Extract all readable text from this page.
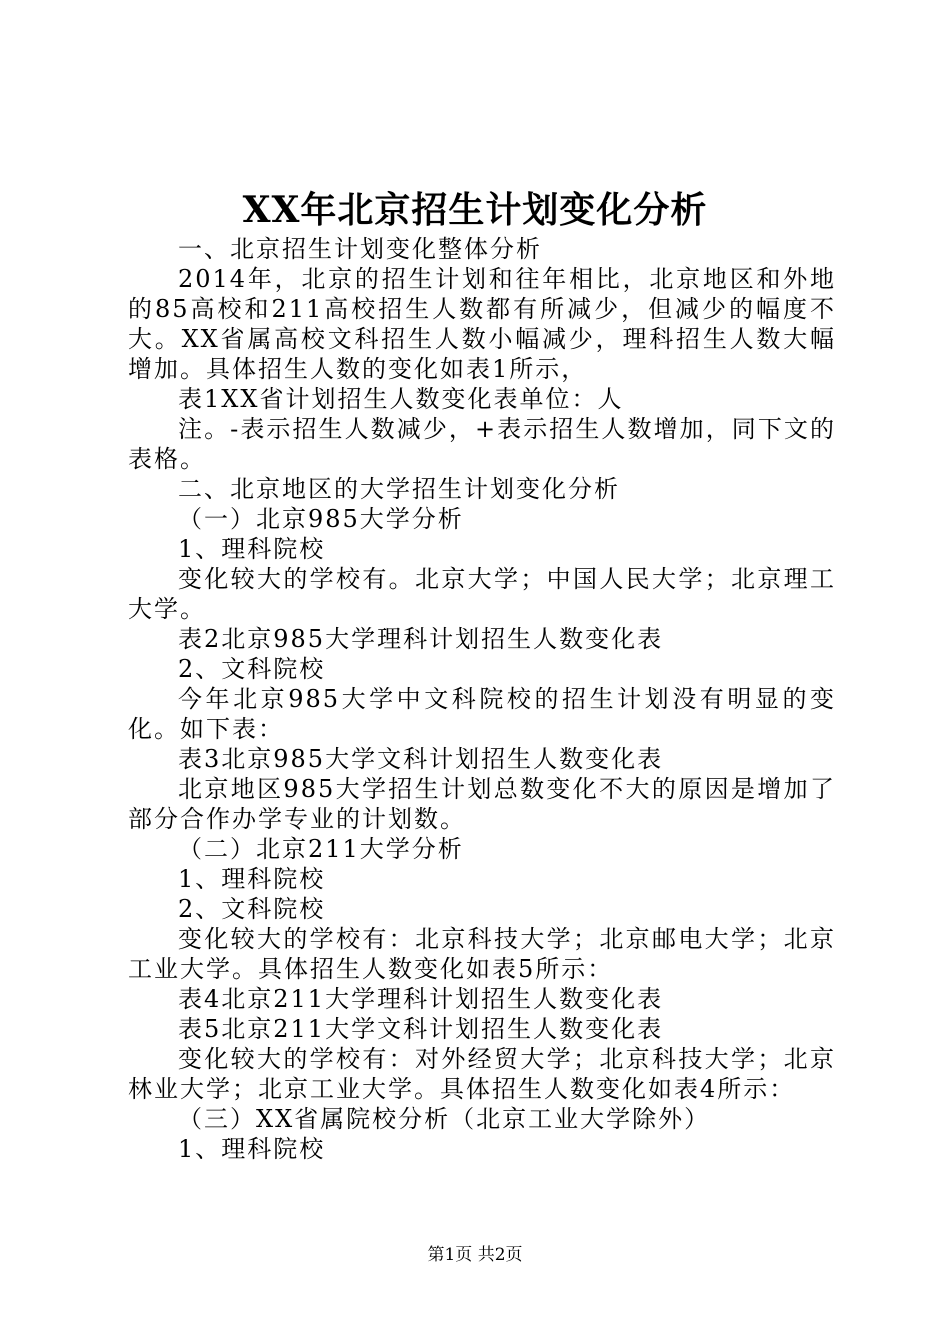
XX年北京招生计划变化分析

一、北京招生计划变化整体分析

2014年，北京的招生计划和往年相比，北京地区和外地的85高校和211高校招生人数都有所减少，但减少的幅度不大。XX省属高校文科招生人数小幅减少，理科招生人数大幅增加。具体招生人数的变化如表1所示，

表1XX省计划招生人数变化表单位：人

注。-表示招生人数减少，+表示招生人数增加，同下文的表格。

二、北京地区的大学招生计划变化分析

（一）北京985大学分析

1、理科院校

变化较大的学校有。北京大学；中国人民大学；北京理工大学。

表2北京985大学理科计划招生人数变化表

2、文科院校

今年北京985大学中文科院校的招生计划没有明显的变化。如下表：

表3北京985大学文科计划招生人数变化表

北京地区985大学招生计划总数变化不大的原因是增加了部分合作办学专业的计划数。

（二）北京211大学分析

1、理科院校

2、文科院校

变化较大的学校有：北京科技大学；北京邮电大学；北京工业大学。具体招生人数变化如表5所示：

表4北京211大学理科计划招生人数变化表

表5北京211大学文科计划招生人数变化表

变化较大的学校有：对外经贸大学；北京科技大学；北京林业大学；北京工业大学。具体招生人数变化如表4所示：

（三）XX省属院校分析（北京工业大学除外）

1、理科院校

第1页 共2页
